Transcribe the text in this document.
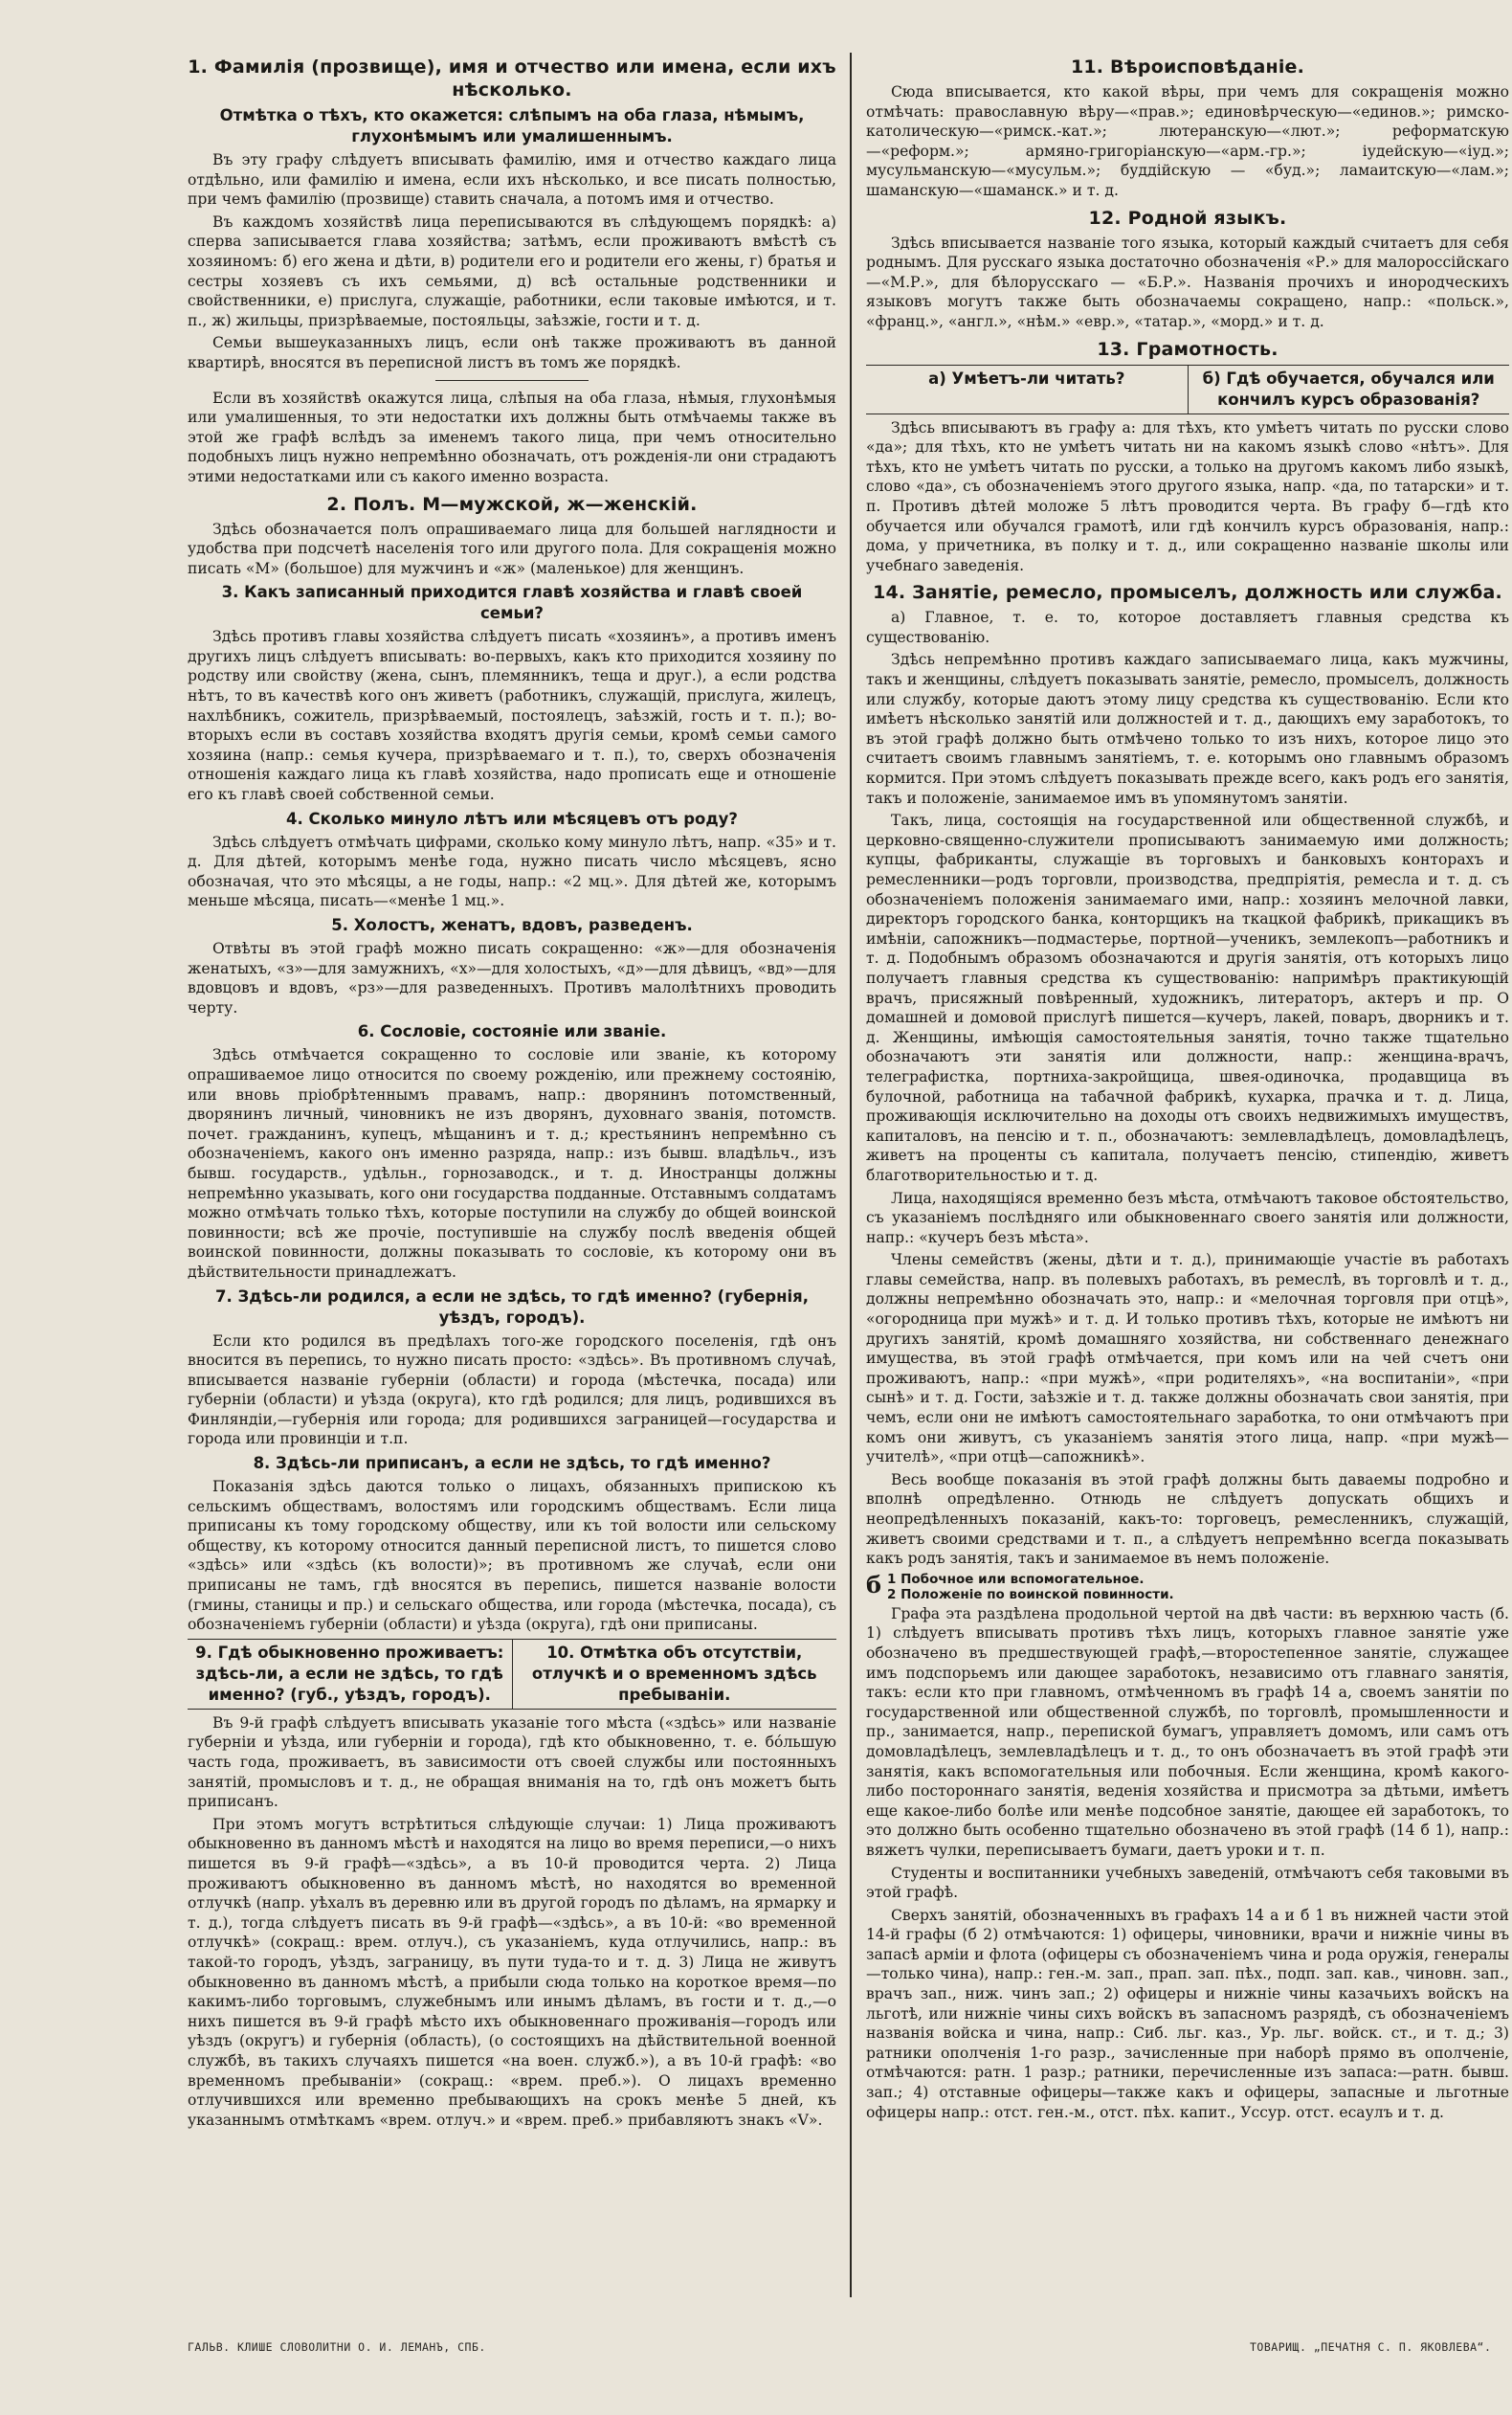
1. Фамилія (прозвище), имя и отчество или имена, если ихъ нѣсколько.
Отмѣтка о тѣхъ, кто окажется: слѣпымъ на оба глаза, нѣмымъ, глухонѣмымъ или умалишеннымъ.

Въ эту графу слѣдуетъ вписывать фамилію, имя и отчество каждаго лица отдѣльно, или фамилію и имена, если ихъ нѣсколько, и все писать полностью, при чемъ фамилію (прозвище) ставить сначала, а потомъ имя и отчество.

Въ каждомъ хозяйствѣ лица переписываются въ слѣдующемъ порядкѣ: а) сперва записывается глава хозяйства; затѣмъ, если проживаютъ вмѣстѣ съ хозяиномъ: б) его жена и дѣти, в) родители его и родители его жены, г) братья и сестры хозяевъ съ ихъ семьями, д) всѣ остальные родственники и свойственники, е) прислуга, служащіе, работники, если таковые имѣются, и т. п., ж) жильцы, призрѣваемые, постояльцы, заѣзжіе, гости и т. д.

Семьи вышеуказанныхъ лицъ, если онѣ также проживаютъ въ данной квартирѣ, вносятся въ переписной листъ въ томъ же порядкѣ.

Если въ хозяйствѣ окажутся лица, слѣпыя на оба глаза, нѣмыя, глухонѣмыя или умалишенныя, то эти недостатки ихъ должны быть отмѣчаемы также въ этой же графѣ вслѣдъ за именемъ такого лица, при чемъ относительно подобныхъ лицъ нужно непремѣнно обозначать, отъ рожденія-ли они страдаютъ этими недостатками или съ какого именно возраста.

2. Полъ. М—мужской, ж—женскій.

Здѣсь обозначается полъ опрашиваемаго лица для большей наглядности и удобства при подсчетѣ населенія того или другого пола. Для сокращенія можно писать «М» (большое) для мужчинъ и «ж» (маленькое) для женщинъ.

3. Какъ записанный приходится главѣ хозяйства и главѣ своей семьи?

Здѣсь противъ главы хозяйства слѣдуетъ писать «хозяинъ», а противъ именъ другихъ лицъ слѣдуетъ вписывать: во-первыхъ, какъ кто приходится хозяину по родству или свойству (жена, сынъ, племянникъ, теща и друг.), а если родства нѣтъ, то въ качествѣ кого онъ живетъ (работникъ, служащій, прислуга, жилецъ, нахлѣбникъ, сожитель, призрѣваемый, постоялецъ, заѣзжій, гость и т. п.); во-вторыхъ если въ составъ хозяйства входятъ другія семьи, кромѣ семьи самого хозяина (напр.: семья кучера, призрѣваемаго и т. п.), то, сверхъ обозначенія отношенія каждаго лица къ главѣ хозяйства, надо прописать еще и отношеніе его къ главѣ своей собственной семьи.

4. Сколько минуло лѣтъ или мѣсяцевъ отъ роду?

Здѣсь слѣдуетъ отмѣчать цифрами, сколько кому минуло лѣтъ, напр. «35» и т. д. Для дѣтей, которымъ менѣе года, нужно писать число мѣсяцевъ, ясно обозначая, что это мѣсяцы, а не годы, напр.: «2 мц.». Для дѣтей же, которымъ меньше мѣсяца, писать—«менѣе 1 мц.».

5. Холостъ, женатъ, вдовъ, разведенъ.

Отвѣты въ этой графѣ можно писать сокращенно: «ж»—для обозначенія женатыхъ, «з»—для замужнихъ, «х»—для холостыхъ, «д»—для дѣвицъ, «вд»—для вдовцовъ и вдовъ, «рз»—для разведенныхъ. Противъ малолѣтнихъ проводить черту.

6. Сословіе, состояніе или званіе.

Здѣсь отмѣчается сокращенно то сословіе или званіе, къ которому опрашиваемое лицо относится по своему рожденію, или прежнему состоянію, или вновь пріобрѣтеннымъ правамъ, напр.: дворянинъ потомственный, дворянинъ личный, чиновникъ не изъ дворянъ, духовнаго званія, потомств. почет. гражданинъ, купецъ, мѣщанинъ и т. д.; крестьянинъ непремѣнно съ обозначеніемъ, какого онъ именно разряда, напр.: изъ бывш. владѣльч., изъ бывш. государств., удѣльн., горнозаводск., и т. д. Иностранцы должны непремѣнно указывать, кого они государства подданные. Отставнымъ солдатамъ можно отмѣчать только тѣхъ, которые поступили на службу до общей воинской повинности; всѣ же прочіе, поступившіе на службу послѣ введенія общей воинской повинности, должны показывать то сословіе, къ которому они въ дѣйствительности принадлежатъ.

7. Здѣсь-ли родился, а если не здѣсь, то гдѣ именно? (губернія, уѣздъ, городъ).

Если кто родился въ предѣлахъ того-же городского поселенія, гдѣ онъ вносится въ перепись, то нужно писать просто: «здѣсь». Въ противномъ случаѣ, вписывается названіе губерніи (области) и города (мѣстечка, посада) или губерніи (области) и уѣзда (округа), кто гдѣ родился; для лицъ, родившихся въ Финляндіи,—губернія или города; для родившихся заграницей—государства и города или провинціи и т.п.

8. Здѣсь-ли приписанъ, а если не здѣсь, то гдѣ именно?

Показанія здѣсь даются только о лицахъ, обязанныхъ припискою къ сельскимъ обществамъ, волостямъ или городскимъ обществамъ. Если лица приписаны къ тому городскому обществу, или къ той волости или сельскому обществу, къ которому относится данный переписной листъ, то пишется слово «здѣсь» или «здѣсь (къ волости)»; въ противномъ же случаѣ, если они приписаны не тамъ, гдѣ вносятся въ перепись, пишется названіе волости (гмины, станицы и пр.) и сельскаго общества, или города (мѣстечка, посада), съ обозначеніемъ губерніи (области) и уѣзда (округа), гдѣ они приписаны.

9. Гдѣ обыкновенно проживаетъ: здѣсь-ли, а если не здѣсь, то гдѣ именно? (губ., уѣздъ, городъ).
10. Отмѣтка объ отсутствіи, отлучкѣ и о временномъ здѣсь пребываніи.

Въ 9-й графѣ слѣдуетъ вписывать указаніе того мѣста («здѣсь» или названіе губерніи и уѣзда, или губерніи и города), гдѣ кто обыкновенно, т. е. бо́льшую часть года, проживаетъ, въ зависимости отъ своей службы или постоянныхъ занятій, промысловъ и т. д., не обращая вниманія на то, гдѣ онъ можетъ быть приписанъ.

При этомъ могутъ встрѣтиться слѣдующіе случаи: 1) Лица проживаютъ обыкновенно въ данномъ мѣстѣ и находятся на лицо во время переписи,—о нихъ пишется въ 9-й графѣ—«здѣсь», а въ 10-й проводится черта. 2) Лица проживаютъ обыкновенно въ данномъ мѣстѣ, но находятся во временной отлучкѣ (напр. уѣхалъ въ деревню или въ другой городъ по дѣламъ, на ярмарку и т. д.), тогда слѣдуетъ писать въ 9-й графѣ—«здѣсь», а въ 10-й: «во временной отлучкѣ» (сокращ.: врем. отлуч.), съ указаніемъ, куда отлучились, напр.: въ такой-то городъ, уѣздъ, заграницу, въ пути туда-то и т. д. 3) Лица не живутъ обыкновенно въ данномъ мѣстѣ, а прибыли сюда только на короткое время—по какимъ-либо торговымъ, служебнымъ или инымъ дѣламъ, въ гости и т. д.,—о нихъ пишется въ 9-й графѣ мѣсто ихъ обыкновеннаго проживанія—городъ или уѣздъ (округъ) и губернія (область), (о состоящихъ на дѣйствительной военной службѣ, въ такихъ случаяхъ пишется «на воен. служб.»), а въ 10-й графѣ: «во временномъ пребываніи» (сокращ.: «врем. преб.»). О лицахъ временно отлучившихся или временно пребывающихъ на срокъ менѣе 5 дней, къ указаннымъ отмѣткамъ «врем. отлуч.» и «врем. преб.» прибавляютъ знакъ «V».

11. Вѣроисповѣданіе.

Сюда вписывается, кто какой вѣры, при чемъ для сокращенія можно отмѣчать: православную вѣру—«прав.»; единовѣрческую—«единов.»; римско-католическую—«римск.-кат.»; лютеранскую—«лют.»; реформатскую—«реформ.»; армяно-григоріанскую—«арм.-гр.»; іудейскую—«іуд.»; мусульманскую—«мусульм.»; буддійскую — «буд.»; ламаитскую—«лам.»; шаманскую—«шаманск.» и т. д.

12. Родной языкъ.

Здѣсь вписывается названіе того языка, который каждый считаетъ для себя роднымъ. Для русскаго языка достаточно обозначенія «Р.» для малороссійскаго—«М.Р.», для бѣлорусскаго — «Б.Р.». Названія прочихъ и инородческихъ языковъ могутъ также быть обозначаемы сокращено, напр.: «польск.», «франц.», «англ.», «нѣм.» «евр.», «татар.», «морд.» и т. д.

13. Грамотность.
а) Умѣетъ-ли читать?	б) Гдѣ обучается, обучался или кончилъ курсъ образованія?

Здѣсь вписываютъ въ графу а: для тѣхъ, кто умѣетъ читать по русски слово «да»; для тѣхъ, кто не умѣетъ читать ни на какомъ языкѣ слово «нѣтъ». Для тѣхъ, кто не умѣетъ читать по русски, а только на другомъ какомъ либо языкѣ, слово «да», съ обозначеніемъ этого другого языка, напр. «да, по татарски» и т. п. Противъ дѣтей моложе 5 лѣтъ проводится черта. Въ графу б—гдѣ кто обучается или обучался грамотѣ, или гдѣ кончилъ курсъ образованія, напр.: дома, у причетника, въ полку и т. д., или сокращенно названіе школы или учебнаго заведенія.

14. Занятіе, ремесло, промыселъ, должность или служба.

а) Главное, т. е. то, которое доставляетъ главныя средства къ существованію.

Здѣсь непремѣнно противъ каждаго записываемаго лица, какъ мужчины, такъ и женщины, слѣдуетъ показывать занятіе, ремесло, промыселъ, должность или службу, которые даютъ этому лицу средства къ существованію. Если кто имѣетъ нѣсколько занятій или должностей и т. д., дающихъ ему заработокъ, то въ этой графѣ должно быть отмѣчено только то изъ нихъ, которое лицо это считаетъ своимъ главнымъ занятіемъ, т. е. которымъ оно главнымъ образомъ кормится. При этомъ слѣдуетъ показывать прежде всего, какъ родъ его занятія, такъ и положеніе, занимаемое имъ въ упомянутомъ занятіи.

Такъ, лица, состоящія на государственной или общественной службѣ, и церковно-священно-служители прописываютъ занимаемую ими должность; купцы, фабриканты, служащіе въ торговыхъ и банковыхъ конторахъ и ремесленники—родъ торговли, производства, предпріятія, ремесла и т. д. съ обозначеніемъ положенія занимаемаго ими, напр.: хозяинъ мелочной лавки, директоръ городского банка, конторщикъ на ткацкой фабрикѣ, прикащикъ въ имѣніи, сапожникъ—подмастерье, портной—ученикъ, землекопъ—работникъ и т. д. Подобнымъ образомъ обозначаются и другія занятія, отъ которыхъ лицо получаетъ главныя средства къ существованію: напримѣръ практикующій врачъ, присяжный повѣренный, художникъ, литераторъ, актеръ и пр. О домашней и домовой прислугѣ пишется—кучеръ, лакей, поваръ, дворникъ и т. д. Женщины, имѣющія самостоятельныя занятія, точно также тщательно обозначаютъ эти занятія или должности, напр.: женщина-врачъ, телеграфистка, портниха-закройщица, швея-одиночка, продавщица въ булочной, работница на табачной фабрикѣ, кухарка, прачка и т. д. Лица, проживающія исключительно на доходы отъ своихъ недвижимыхъ имуществъ, капиталовъ, на пенсію и т. п., обозначаютъ: землевладѣлецъ, домовладѣлецъ, живетъ на проценты съ капитала, получаетъ пенсію, стипендію, живетъ благотворительностью и т. д.

Лица, находящіяся временно безъ мѣста, отмѣчаютъ таковое обстоятельство, съ указаніемъ послѣдняго или обыкновеннаго своего занятія или должности, напр.: «кучеръ безъ мѣста».

Члены семействъ (жены, дѣти и т. д.), принимающіе участіе въ работахъ главы семейства, напр. въ полевыхъ работахъ, въ ремеслѣ, въ торговлѣ и т. д., должны непремѣнно обозначать это, напр.: и «мелочная торговля при отцѣ», «огородница при мужѣ» и т. д. И только противъ тѣхъ, которые не имѣютъ ни другихъ занятій, кромѣ домашняго хозяйства, ни собственнаго денежнаго имущества, въ этой графѣ отмѣчается, при комъ или на чей счетъ они проживаютъ, напр.: «при мужѣ», «при родителяхъ», «на воспитаніи», «при сынѣ» и т. д. Гости, заѣзжіе и т. д. также должны обозначать свои занятія, при чемъ, если они не имѣютъ самостоятельнаго заработка, то они отмѣчаютъ при комъ они живутъ, съ указаніемъ занятія этого лица, напр. «при мужѣ—учителѣ», «при отцѣ—сапожникѣ».

Весь вообще показанія въ этой графѣ должны быть даваемы подробно и вполнѣ опредѣленно. Отнюдь не слѣдуетъ допускать общихъ и неопредѣленныхъ показаній, какъ-то: торговецъ, ремесленникъ, служащій, живетъ своими средствами и т. п., а слѣдуетъ непремѣнно всегда показывать какъ родъ занятія, такъ и занимаемое въ немъ положеніе.

б 1 Побочное или вспомогательное.
2 Положеніе по воинской повинности.

Графа эта раздѣлена продольной чертой на двѣ части: въ верхнюю часть (б. 1) слѣдуетъ вписывать противъ тѣхъ лицъ, которыхъ главное занятіе уже обозначено въ предшествующей графѣ,—второстепенное занятіе, служащее имъ подспорьемъ или дающее заработокъ, независимо отъ главнаго занятія, такъ: если кто при главномъ, отмѣченномъ въ графѣ 14 а, своемъ занятіи по государственной или общественной службѣ, по торговлѣ, промышленности и пр., занимается, напр., перепиской бумагъ, управляетъ домомъ, или самъ отъ домовладѣлецъ, землевладѣлецъ и т. д., то онъ обозначаетъ въ этой графѣ эти занятія, какъ вспомогательныя или побочныя. Если женщина, кромѣ какого-либо постороннаго занятія, веденія хозяйства и присмотра за дѣтьми, имѣетъ еще какое-либо болѣе или менѣе подсобное занятіе, дающее ей заработокъ, то это должно быть особенно тщательно обозначено въ этой графѣ (14 б 1), напр.: вяжетъ чулки, переписываетъ бумаги, даетъ уроки и т. п.

Студенты и воспитанники учебныхъ заведеній, отмѣчаютъ себя таковыми въ этой графѣ.

Сверхъ занятій, обозначенныхъ въ графахъ 14 а и б 1 въ нижней части этой 14-й графы (б 2) отмѣчаются: 1) офицеры, чиновники, врачи и нижніе чины въ запасѣ арміи и флота (офицеры съ обозначеніемъ чина и рода оружія, генералы—только чина), напр.: ген.-м. зап., прап. зап. пѣх., подп. зап. кав., чиновн. зап., врачъ зап., ниж. чинъ зап.; 2) офицеры и нижніе чины казачьихъ войскъ на льготѣ, или нижніе чины сихъ войскъ въ запасномъ разрядѣ, съ обозначеніемъ названія войска и чина, напр.: Сиб. льг. каз., Ур. льг. войск. ст., и т. д.; 3) ратники ополченія 1-го разр., зачисленные при наборѣ прямо въ ополченіе, отмѣчаются: ратн. 1 разр.; ратники, перечисленные изъ запаса:—ратн. бывш. зап.; 4) отставные офицеры—также какъ и офицеры, запасные и льготные офицеры напр.: отст. ген.-м., отст. пѣх. капит., Уссур. отст. есаулъ и т. д.

ГАЛЬВ. КЛИШЕ СЛОВОЛИТНИ О. И. ЛЕМАНЪ, СПБ.	ТОВАРИЩ. „ПЕЧАТНЯ С. П. ЯКОВЛЕВА“.
